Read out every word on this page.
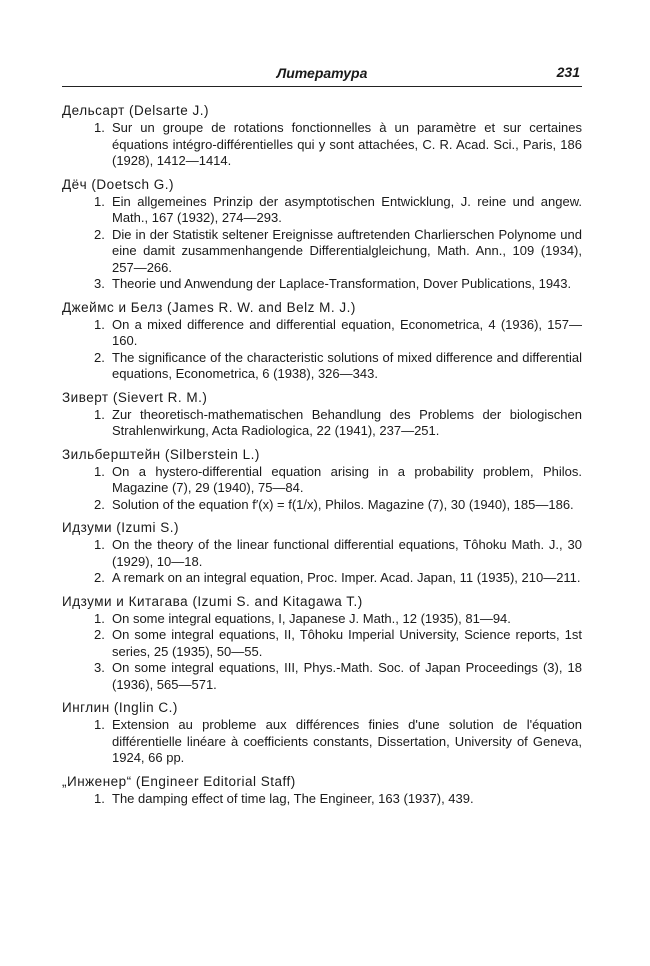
Литература	231
Дельсарт (Delsarte J.)
1. Sur un groupe de rotations fonctionnelles à un paramètre et sur certaines équations intégro-différentielles qui y sont attachées, C. R. Acad. Sci., Paris, 186 (1928), 1412—1414.
Дёч (Doetsch G.)
1. Ein allgemeines Prinzip der asymptotischen Entwicklung, J. reine und angew. Math., 167 (1932), 274—293.
2. Die in der Statistik seltener Ereignisse auftretenden Charlierschen Polynome und eine damit zusammenhangende Differentialgleichung, Math. Ann., 109 (1934), 257—266.
3. Theorie und Anwendung der Laplace-Transformation, Dover Publications, 1943.
Джеймс и Белз (James R. W. and Belz M. J.)
1. On a mixed difference and differential equation, Econometrica, 4 (1936), 157—160.
2. The significance of the characteristic solutions of mixed difference and differential equations, Econometrica, 6 (1938), 326—343.
Зиверт (Sievert R. M.)
1. Zur theoretisch-mathematischen Behandlung des Problems der biologischen Strahlenwirkung, Acta Radiologica, 22 (1941), 237—251.
Зильберштейн (Silberstein L.)
1. On a hystero-differential equation arising in a probability problem, Philos. Magazine (7), 29 (1940), 75—84.
2. Solution of the equation f′(x) = f(1/x), Philos. Magazine (7), 30 (1940), 185—186.
Идзуми (Izumi S.)
1. On the theory of the linear functional differential equations, Tôhoku Math. J., 30 (1929), 10—18.
2. A remark on an integral equation, Proc. Imper. Acad. Japan, 11 (1935), 210—211.
Идзуми и Китагава (Izumi S. and Kitagawa T.)
1. On some integral equations, I, Japanese J. Math., 12 (1935), 81—94.
2. On some integral equations, II, Tôhoku Imperial University, Science reports, 1st series, 25 (1935), 50—55.
3. On some integral equations, III, Phys.-Math. Soc. of Japan Proceedings (3), 18 (1936), 565—571.
Инглин (Inglin C.)
1. Extension au probleme aux différences finies d'une solution de l'équation différentielle linéare à coefficients constants, Dissertation, University of Geneva, 1924, 66 pp.
„Инженер“ (Engineer Editorial Staff)
1. The damping effect of time lag, The Engineer, 163 (1937), 439.
